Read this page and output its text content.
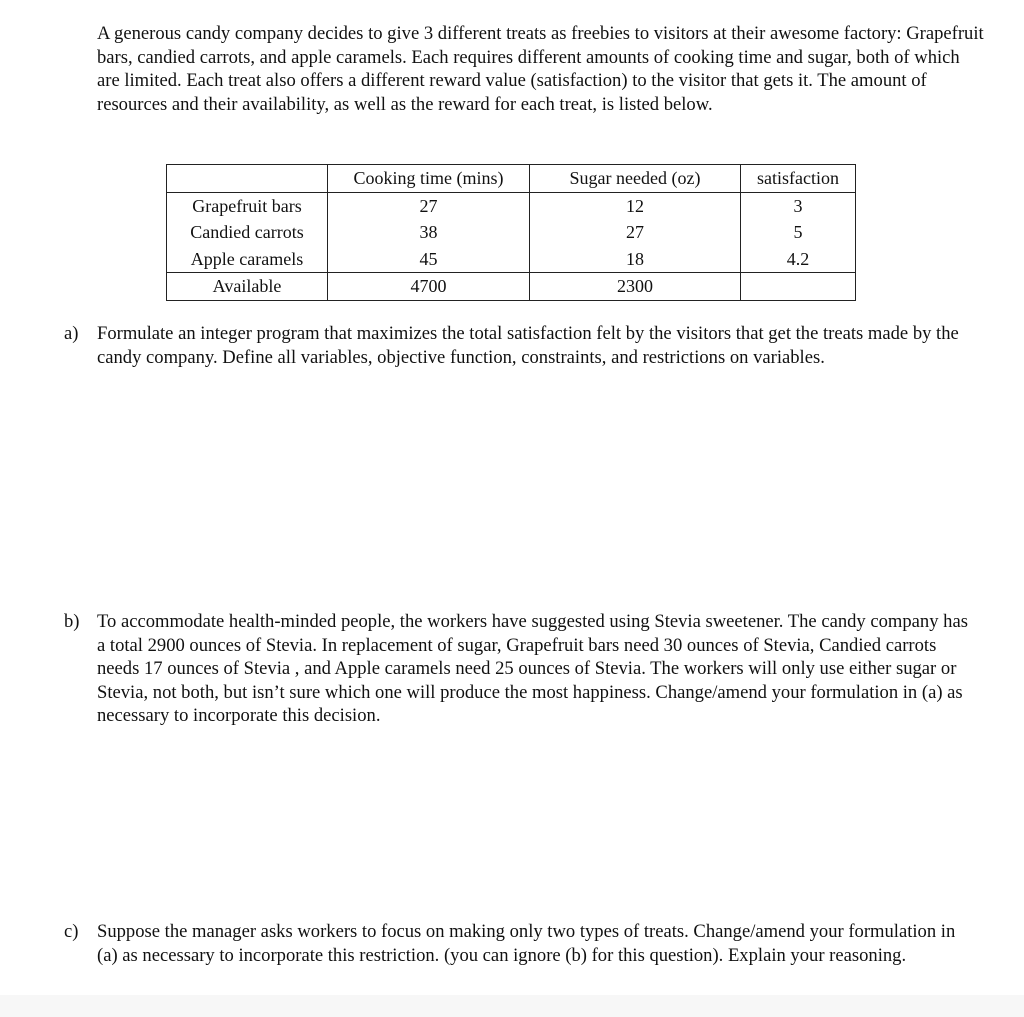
A generous candy company decides to give 3 different treats as freebies to visitors at their awesome factory: Grapefruit bars, candied carrots, and apple caramels. Each requires different amounts of cooking time and sugar, both of which are limited. Each treat also offers a different reward value (satisfaction) to the visitor that gets it. The amount of resources and their availability, as well as the reward for each treat, is listed below.

	Cooking time (mins)	Sugar needed (oz)	satisfaction
Grapefruit bars	27	12	3
Candied carrots	38	27	5
Apple caramels	45	18	4.2
Available	4700	2300	
a) Formulate an integer program that maximizes the total satisfaction felt by the visitors that get the treats made by the candy company. Define all variables, objective function, constraints, and restrictions on variables.
b) To accommodate health-minded people, the workers have suggested using Stevia sweetener. The candy company has a total 2900 ounces of Stevia. In replacement of sugar, Grapefruit bars need 30 ounces of Stevia, Candied carrots needs 17 ounces of Stevia , and Apple caramels need 25 ounces of Stevia. The workers will only use either sugar or Stevia, not both, but isn’t sure which one will produce the most happiness. Change/amend your formulation in (a) as necessary to incorporate this decision.
c) Suppose the manager asks workers to focus on making only two types of treats. Change/amend your formulation in (a) as necessary to incorporate this restriction. (you can ignore (b) for this question). Explain your reasoning.
